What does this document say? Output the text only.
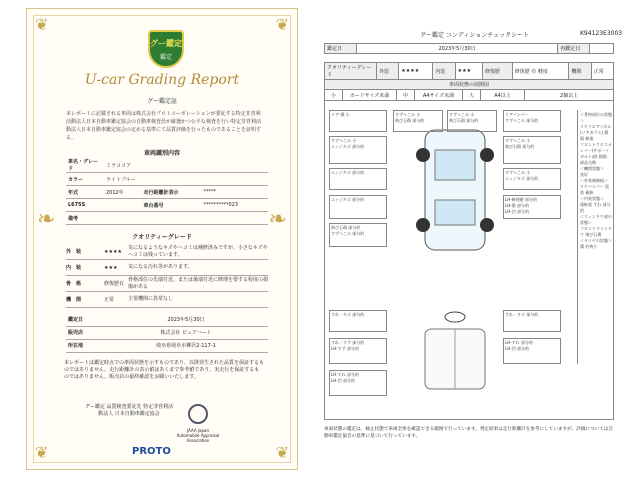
❦	❦
❦	❦
❧	❧
グー鑑定
鑑定
U-car Grading Report
グー鑑定証
本レポートに記載される車両は株式会社プロトコーポレーションが委託する特定非営利活動法人日本自動車鑑定協会の自動車検査員が厳選かつ公平な検査を行い特定非営利活動法人日本自動車鑑定協会の定める基準にて品質評価を行ったものであることを証明する。
車両識別内容
車名・グレード	ミラココア		
カラー	ライトブルー		
年式	2012年	走行距離計表示	*****
L675S		車台番号	**********023
備考			
クオリティーグレード
外　装	★★★★
気になるようなキズやヘコミは補修済みですが、小さなキズやヘコミは残っています。
内　装	★★★	気になる汚れ等があります。
骨　格	修復歴有
骨格部位の先端付近、または後端付近に修理を要する程度の損傷がある
機　関	正常	主要機関に異常なし
鑑定日	2023年5月30日
販売店	株式会社 ビュアハート
所在地	岐阜県岐阜市柳沢2-117-1
本レポートは鑑定時点での車両状態を示すものであり、以降発生された品質を保証するものではありません。走行距離計の表示値はあくまで参考値であり、実走行を保証するものではありません。販売店の最終確認をお願いいたします。
グー鑑定 品質検査委託先 特定非営利活動法人 日本自動車鑑定協会
JAAA Japan Automobile Appraisal Association
PROTO
グー鑑定 コンディションチェックシート	K94123E3003
鑑定日	2023年5月30日	再鑑定日	
クオリティーグレード	外装	★★★★	内装	★★★	修復歴	修復歴 有 軽度	機関	正常
車両状態の展開図
小	カードサイズ未満	中	A4サイズ未満	大	A4以上	2個以上
リア-傷 小
すずへこみ 小
エッジキズ 部分的
エッジキズ 部分的
エッジキズ 部分的
飛び石傷 部分的
すずへこみ 部分的
すずへこみ 小
飛び石傷 部分的
すずへこみ 小
飛び石傷 部分的
リアバンパー
すずへこみ 部分的
すずへこみ 小
飛び石傷 部分的
すずへこみ 小
エッジキズ 部分的
LH-修理歴 部分的
LH-傷 部分的
LH-凹 部分的
すれ・キズ 部分的
すれ・すず 部分的
LH-すず 部分的
LH-すれ 部分的
LH-凹 部分的
すれ・キズ 部分的
LH-すれ 部分的
LH-凹 部分的
＜骨格部位の状態＞
リヤフロアパネル(リアガラス) 損傷 修復
フロントクロスメンバー(サポートボルト部) 損傷 部品交換
＜機関状態＞
良好
＜外装補修痕＞
リヤバンパー 塗装 補修
＜内装状態＞
運転席 すれ 部分的
＜ウィンドウ部の状態＞
フロントウインドウ 飛び石傷
＜タイヤの状態＞
溝 約残り
車両状態の鑑定は、検止状態で車両全体を確認できる範囲で行っています。判定結果は走行距離計を参考にしていますが、評価については自動車鑑定協会の基準に基づいて行っています。
